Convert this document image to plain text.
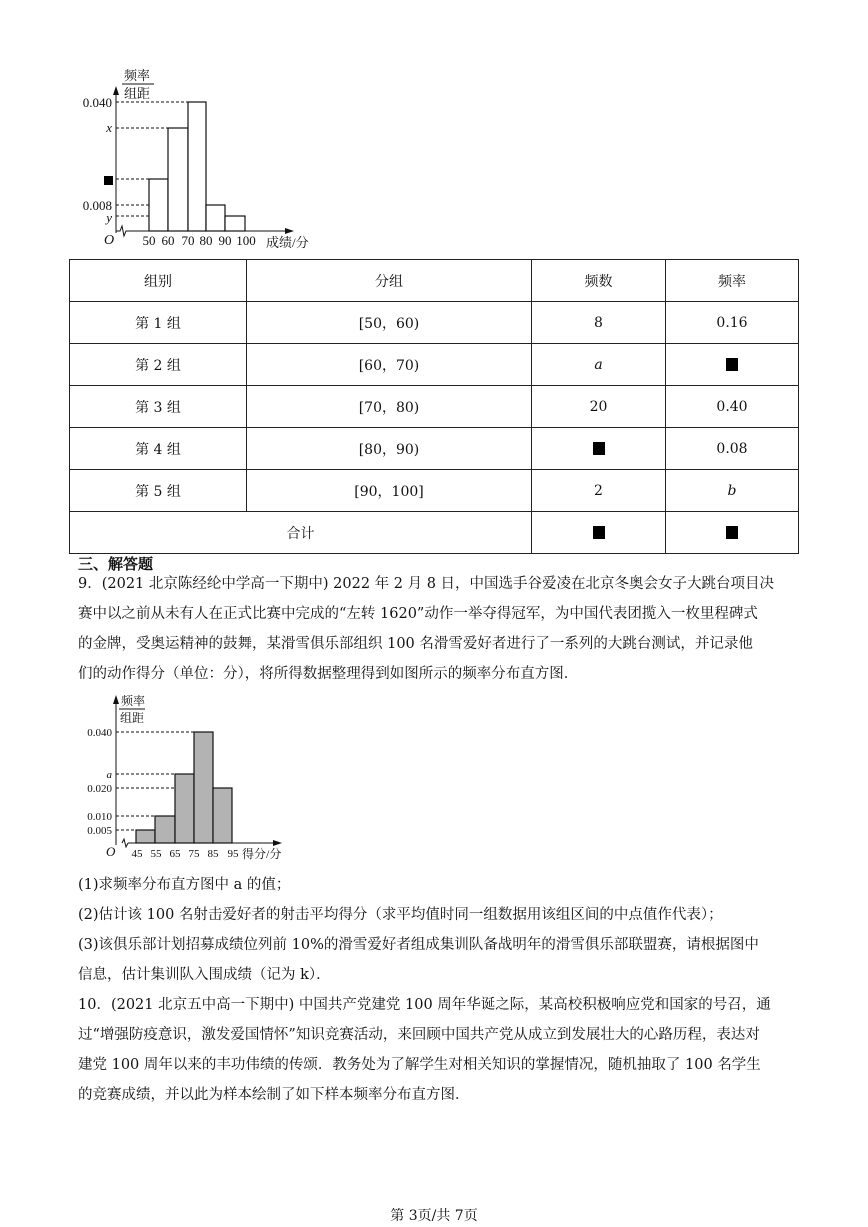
频率
组距
0.040
x
0.008
y
O 50 60 70 80 90 100 成绩/分
组别	分组	频数	频率
第 1 组	[50，60)	8	0.16
第 2 组	[60，70)	a	
第 3 组	[70，80)	20	0.40
第 4 组	[80，90)		0.08
第 5 组	[90，100]	2	b
合计			
三、解答题
9．(2021 北京陈经纶中学高一下期中) 2022 年 2 月 8 日，中国选手谷爱凌在北京冬奥会女子大跳台项目决
赛中以之前从未有人在正式比赛中完成的“左转 1620”动作一举夺得冠军，为中国代表团揽入一枚里程碑式
的金牌，受奥运精神的鼓舞，某滑雪俱乐部组织 100 名滑雪爱好者进行了一系列的大跳台测试，并记录他
们的动作得分（单位：分），将所得数据整理得到如图所示的频率分布直方图．
频率
组距
0.040
a
0.020
0.010
0.005
O 45 55 65 75 85 95 得分/分
(1)求频率分布直方图中 a 的值；
(2)估计该 100 名射击爱好者的射击平均得分（求平均值时同一组数据用该组区间的中点值作代表）；
(3)该俱乐部计划招募成绩位列前 10%的滑雪爱好者组成集训队备战明年的滑雪俱乐部联盟赛，请根据图中
信息，估计集训队入围成绩（记为 k）．
10．(2021 北京五中高一下期中) 中国共产党建党 100 周年华诞之际，某高校积极响应党和国家的号召，通
过“增强防疫意识，激发爱国情怀”知识竞赛活动，来回顾中国共产党从成立到发展壮大的心路历程，表达对
建党 100 周年以来的丰功伟绩的传颂．教务处为了解学生对相关知识的掌握情况，随机抽取了 100 名学生
的竞赛成绩，并以此为样本绘制了如下样本频率分布直方图．
第 3页/共 7页
